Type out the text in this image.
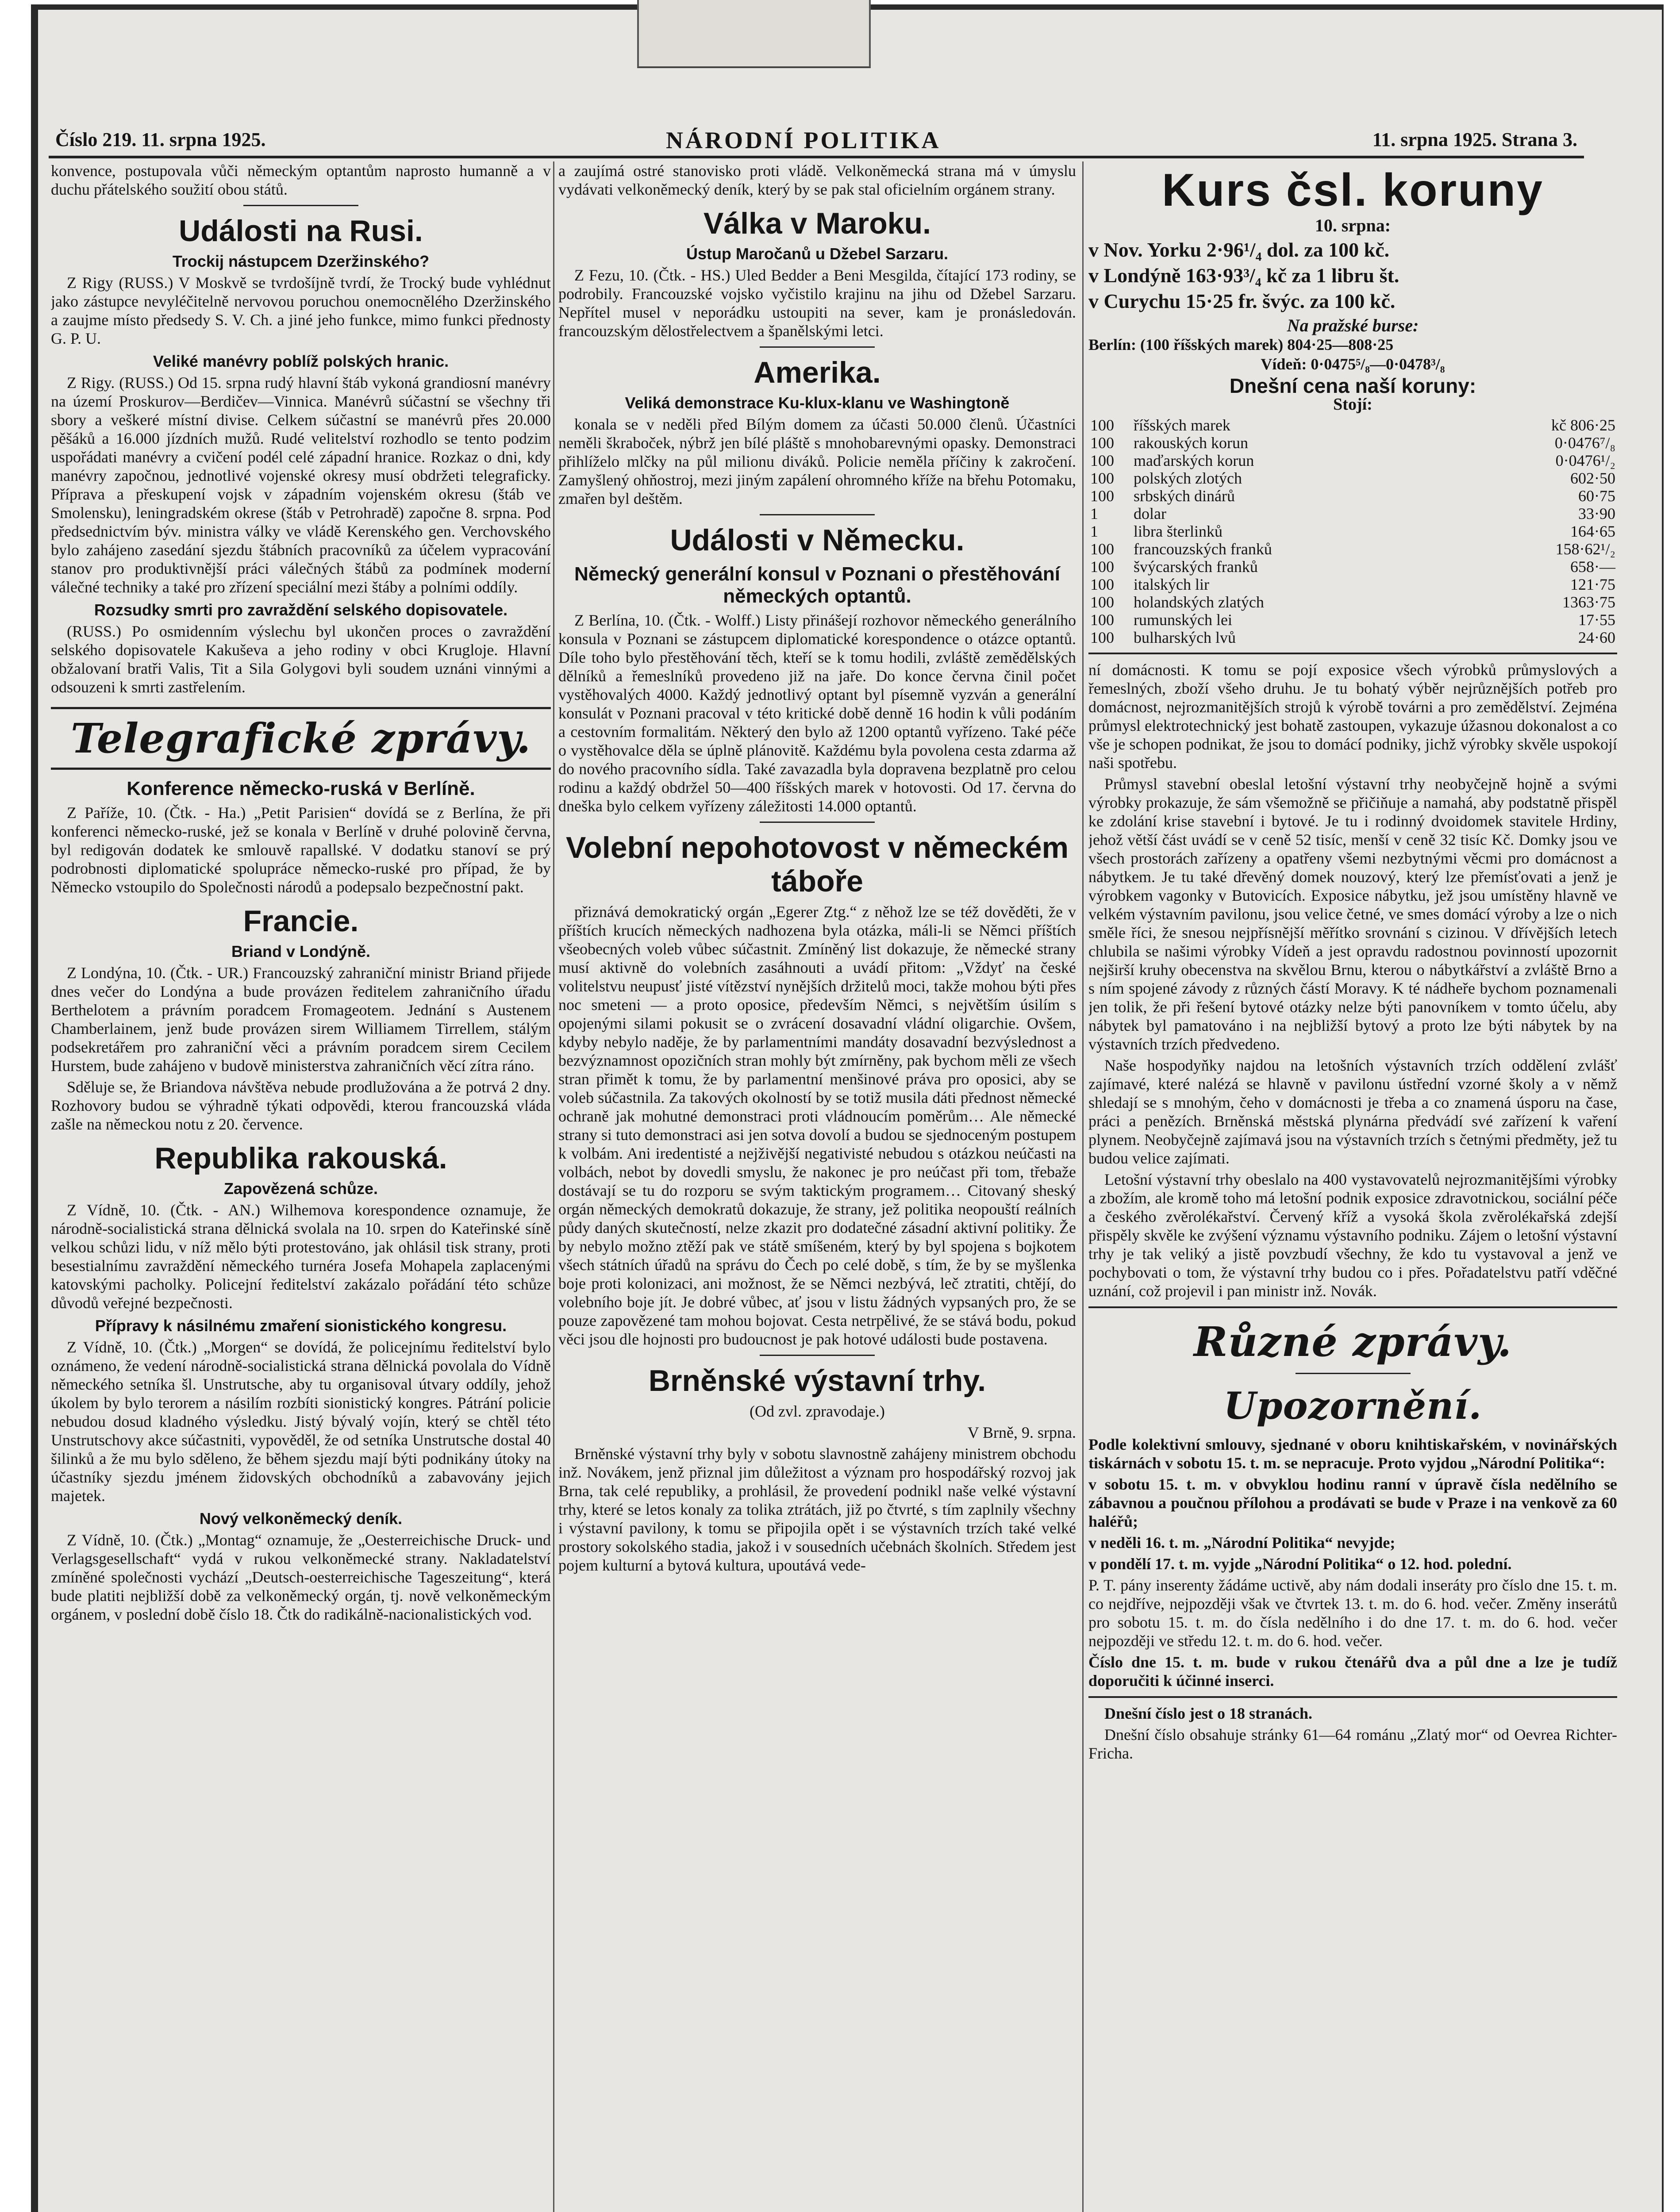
Číslo 219. 11. srpna 1925.	NÁRODNÍ POLITIKA	11. srpna 1925. Strana 3.

konvence, postupovala vůči německým optantům naprosto humanně a v duchu přátelského soužití obou států.

Události na Rusi.
Trockij nástupcem Dzeržinského?

Z Rigy (RUSS.) V Moskvě se tvrdošíjně tvrdí, že Trocký bude vyhlédnut jako zástupce nevyléčitelně nervovou poruchou onemocnělého Dzeržinského a zaujme místo předsedy S. V. Ch. a jiné jeho funkce, mimo funkci přednosty G. P. U.

Veliké manévry poblíž polských hranic.

Z Rigy. (RUSS.) Od 15. srpna rudý hlavní štáb vykoná grandiosní manévry na území Proskurov—Berdičev—Vinnica. Manévrů súčastní se všechny tři sbory a veškeré místní divise. Celkem súčastní se manévrů přes 20.000 pěšáků a 16.000 jízdních mužů. Rudé velitelství rozhodlo se tento podzim uspořádati manévry a cvičení podél celé západní hranice. Rozkaz o dni, kdy manévry započnou, jednotlivé vojenské okresy musí obdržeti telegraficky. Příprava a přeskupení vojsk v západním vojenském okresu (štáb ve Smolensku), leningradském okrese (štáb v Petrohradě) započne 8. srpna. Pod předsednictvím býv. ministra války ve vládě Kerenského gen. Verchovského bylo zahájeno zasedání sjezdu štábních pracovníků za účelem vypracování stanov pro produktivnější práci válečných štábů za podmínek moderní válečné techniky a také pro zřízení speciální mezi štáby a polními oddíly.

Rozsudky smrti pro zavraždění selského dopisovatele.

(RUSS.) Po osmidenním výslechu byl ukončen proces o zavraždění selského dopisovatele Kakuševa a jeho rodiny v obci Krugloje. Hlavní obžalovaní bratři Valis, Tit a Sila Golygovi byli soudem uznáni vinnými a odsouzeni k smrti zastřelením.

Telegrafické zprávy.
Konference německo-ruská v Berlíně.

Z Paříže, 10. (Čtk. - Ha.) „Petit Parisien“ dovídá se z Berlína, že při konferenci německo-ruské, jež se konala v Berlíně v druhé polovině června, byl redigován dodatek ke smlouvě rapallské. V dodatku stanoví se prý podrobnosti diplomatické spolupráce německo-ruské pro případ, že by Německo vstoupilo do Společnosti národů a podepsalo bezpečnostní pakt.

Francie.
Briand v Londýně.

Z Londýna, 10. (Čtk. - UR.) Francouzský zahraniční ministr Briand přijede dnes večer do Londýna a bude provázen ředitelem zahraničního úřadu Berthelotem a právním poradcem Fromageotem. Jednání s Austenem Chamberlainem, jenž bude provázen sirem Williamem Tirrellem, stálým podsekretářem pro zahraniční věci a právním poradcem sirem Cecilem Hurstem, bude zahájeno v budově ministerstva zahraničních věcí zítra ráno.

Sděluje se, že Briandova návštěva nebude prodlužována a že potrvá 2 dny. Rozhovory budou se výhradně týkati odpovědi, kterou francouzská vláda zašle na německou notu z 20. července.

Republika rakouská.
Zapovězená schůze.

Z Vídně, 10. (Čtk. - AN.) Wilhemova korespondence oznamuje, že národně-socialistická strana dělnická svolala na 10. srpen do Kateřinské síně velkou schůzi lidu, v níž mělo býti protestováno, jak ohlásil tisk strany, proti besestialnímu zavraždění německého turnéra Josefa Mohapela zaplacenými katovskými pacholky. Policejní ředitelství zakázalo pořádání této schůze důvodů veřejné bezpečnosti.

Přípravy k násilnému zmaření sionistického kongresu.

Z Vídně, 10. (Čtk.) „Morgen“ se dovídá, že policejnímu ředitelství bylo oznámeno, že vedení národně-socialistická strana dělnická povolala do Vídně německého setníka šl. Unstrutsche, aby tu organisoval útvary oddíly, jehož úkolem by bylo terorem a násilím rozbíti sionistický kongres. Pátrání policie nebudou dosud kladného výsledku. Jistý bývalý vojín, který se chtěl této Unstrutschovy akce súčastniti, vypověděl, že od setníka Unstrutsche dostal 40 šilinků a že mu bylo sděleno, že během sjezdu mají býti podnikány útoky na účastníky sjezdu jménem židovských obchodníků a zabavovány jejich majetek.

Nový velkoněmecký deník.

Z Vídně, 10. (Čtk.) „Montag“ oznamuje, že „Oesterreichische Druck- und Verlagsgesellschaft“ vydá v rukou velkoněmecké strany. Nakladatelství zmíněné společnosti vychází „Deutsch-oesterreichische Tageszeitung“, která bude platiti nejbližší době za velkoněmecký orgán, tj. nově velkoněmeckým orgánem, v poslední době číslo 18. Čtk do radikálně-nacionalistických vod.

a zaujímá ostré stanovisko proti vládě. Velkoněmecká strana má v úmyslu vydávati velkoněmecký deník, který by se pak stal oficielním orgánem strany.

Válka v Maroku.
Ústup Maročanů u Džebel Sarzaru.

Z Fezu, 10. (Čtk. - HS.) Uled Bedder a Beni Mesgilda, čítající 173 rodiny, se podrobily. Francouzské vojsko vyčistilo krajinu na jihu od Džebel Sarzaru. Nepřítel musel v neporádku ustoupiti na sever, kam je pronásledován. francouzským dělostřelectvem a španělskými letci.

Amerika.
Veliká demonstrace Ku-klux-klanu ve Washingtoně

konala se v neděli před Bílým domem za účasti 50.000 členů. Účastníci neměli škraboček, nýbrž jen bílé pláště s mnohobarevnými opasky. Demonstraci přihlíželo mlčky na půl milionu diváků. Policie neměla příčiny k zakročení. Zamyšlený ohňostroj, mezi jiným zapálení ohromného kříže na břehu Potomaku, zmařen byl deštěm.

Události v Německu.
Německý generální konsul v Poznani o přestěhování německých optantů.

Z Berlína, 10. (Čtk. - Wolff.) Listy přinášejí rozhovor německého generálního konsula v Poznani se zástupcem diplomatické korespondence o otázce optantů. Díle toho bylo přestěhování těch, kteří se k tomu hodili, zvláště zemědělských dělníků a řemeslníků provedeno již na jaře. Do konce června činil počet vystěhovalých 4000. Každý jednotlivý optant byl písemně vyzván a generální konsulát v Poznani pracoval v této kritické době denně 16 hodin k vůli podáním a cestovním formalitám. Některý den bylo až 1200 optantů vyřízeno. Také péče o vystěhovalce děla se úplně plánovitě. Každému byla povolena cesta zdarma až do nového pracovního sídla. Také zavazadla byla dopravena bezplatně pro celou rodinu a každý obdržel 50—400 říšských marek v hotovosti. Od 17. června do dneška bylo celkem vyřízeny záležitosti 14.000 optantů.

Volební nepohotovost v německém táboře

přiznává demokratický orgán „Egerer Ztg.“ z něhož lze se též dověděti, že v příštích krucích německých nadhozena byla otázka, máli-li se Němci příštích všeobecných voleb vůbec súčastnit. Zmíněný list dokazuje, že německé strany musí aktivně do volebních zasáhnouti a uvádí přitom: „Vždyť na české volitelstvu neupusť jisté vítězství nynějších držitelů moci, takže mohou býti přes noc smeteni — a proto oposice, především Němci, s největším úsilím s opojenými silami pokusit se o zvrácení dosavadní vládní oligarchie. Ovšem, kdyby nebylo naděje, že by parlamentními mandáty dosavadní bezvýslednost a bezvýznamnost opozičních stran mohly být zmírněny, pak bychom měli ze všech stran přimět k tomu, že by parlamentní menšinové práva pro oposici, aby se voleb súčastnila. Za takových okolností by se totiž musila dáti přednost německé ochraně jak mohutné demonstraci proti vládnoucím poměrům… Ale německé strany si tuto demonstraci asi jen sotva dovolí a budou se sjednoceným postupem k volbám. Ani iredentisté a nejživější negativisté nebudou s otázkou neúčasti na volbách, nebot by dovedli smyslu, že nakonec je pro neúčast při tom, třebaže dostávají se tu do rozporu se svým taktickým programem… Citovaný sheský orgán německých demokratů dokazuje, že strany, jež politika neopouští reálních půdy daných skutečností, nelze zkazit pro dodatečné zásadní aktivní politiky. Že by nebylo možno ztěží pak ve státě smíšeném, který by byl spojena s bojkotem všech státních úřadů na správu do Čech po celé době, s tím, že by se myšlenka boje proti kolonizaci, ani možnost, že se Němci nezbývá, leč ztratiti, chtějí, do volebního boje jít. Je dobré vůbec, ať jsou v listu žádných vypsaných pro, že se pouze zapovězené tam mohou bojovat. Cesta netrpělivé, že se stává bodu, pokud věci jsou dle hojnosti pro budoucnost je pak hotové události bude postavena.

Brněnské výstavní trhy.

(Od zvl. zpravodaje.)

V Brně, 9. srpna.

Brněnské výstavní trhy byly v sobotu slavnostně zahájeny ministrem obchodu inž. Novákem, jenž přiznal jim důležitost a význam pro hospodářský rozvoj jak Brna, tak celé republiky, a prohlásil, že provedení podnikl naše velké výstavní trhy, které se letos konaly za tolika ztrátách, již po čtvrté, s tím zaplnily všechny i výstavní pavilony, k tomu se připojila opět i se výstavních trzích také velké prostory sokolského stadia, jakož i v sousedních učebnách školních. Středem jest pojem kulturní a bytová kultura, upoutává vede-

Kurs čsl. koruny
10. srpna:
v Nov. Yorku 2·96¹/₄ dol. za 100 kč.
v Londýně 163·93³/₄ kč za 1 libru št.
v Curychu 15·25 fr. švýc. za 100 kč.
Na pražské burse:
Berlín: (100 říšských marek) 804·25—808·25
Vídeň: 0·0475⁵/₈—0·0478³/₈
Dnešní cena naší koruny:
Stojí:
100	říšských marek	kč 806·25
100	rakouských korun	0·0476⁷/₈
100	maďarských korun	0·0476¹/₂
100	polských zlotých	602·50
100	srbských dinárů	60·75
1	dolar	33·90
1	libra šterlinků	164·65
100	francouzských franků	158·62¹/₂
100	švýcarských franků	658·—
100	italských lir	121·75
100	holandských zlatých	1363·75
100	rumunských lei	17·55
100	bulharských lvů	24·60

ní domácnosti. K tomu se pojí exposice všech výrobků průmyslových a řemeslných, zboží všeho druhu. Je tu bohatý výběr nejrůznějších potřeb pro domácnost, nejrozmanitějších strojů k výrobě továrni a pro zemědělství. Zejména průmysl elektrotechnický jest bohatě zastoupen, vykazuje úžasnou dokonalost a co vše je schopen podnikat, že jsou to domácí podniky, jichž výrobky skvěle uspokojí naši spotřebu.

Průmysl stavební obeslal letošní výstavní trhy neobyčejně hojně a svými výrobky prokazuje, že sám všemožně se přičiňuje a namahá, aby podstatně přispěl ke zdolání krise stavební i bytové. Je tu i rodinný dvoidomek stavitele Hrdiny, jehož větší část uvádí se v ceně 52 tisíc, menší v ceně 32 tisíc Kč. Domky jsou ve všech prostorách zařízeny a opatřeny všemi nezbytnými věcmi pro domácnost a nábytkem. Je tu také dřevěný domek nouzový, který lze přemísťovati a jenž je výrobkem vagonky v Butovicích. Exposice nábytku, jež jsou umístěny hlavně ve velkém výstavním pavilonu, jsou velice četné, ve smes domácí výroby a lze o nich směle říci, že snesou nejpřísnější měřítko srovnání s cizinou. V dřívějších letech chlubila se našimi výrobky Vídeň a jest opravdu radostnou povinností upozornit nejširší kruhy obecenstva na skvělou Brnu, kterou o nábytkářství a zvláště Brno a s ním spojené závody z různých částí Moravy. K té nádheře bychom poznamenali jen tolik, že při řešení bytové otázky nelze býti panovníkem v tomto účelu, aby nábytek byl pamatováno i na nejbližší bytový a proto lze býti nábytek by na výstavních trzích předvedeno.

Naše hospodyňky najdou na letošních výstavních trzích oddělení zvlášť zajímavé, které nalézá se hlavně v pavilonu ústřední vzorné školy a v němž shledají se s mnohým, čeho v domácnosti je třeba a co znamená úsporu na čase, práci a penězích. Brněnská městská plynárna předvádí své zařízení k vaření plynem. Neobyčejně zajímavá jsou na výstavních trzích s četnými předměty, jež tu budou velice zajímati.

Letošní výstavní trhy obeslalo na 400 vystavovatelů nejrozmanitějšími výrobky a zbožím, ale kromě toho má letošní podnik exposice zdravotnickou, sociální péče a českého zvěrolékařství. Červený kříž a vysoká škola zvěrolékařská zdejší přispěly skvěle ke zvýšení významu výstavního podniku. Zájem o letošní výstavní trhy je tak veliký a jistě povzbudí všechny, že kdo tu vystavoval a jenž ve pochybovati o tom, že výstavní trhy budou co i přes. Pořadatelstvu patří vděčné uznání, což projevil i pan ministr inž. Novák.

Různé zprávy.
Upozornění.

Podle kolektivní smlouvy, sjednané v oboru knihtiskařském, v novinářských tiskárnách v sobotu 15. t. m. se nepracuje. Proto vyjdou „Národní Politika“:

v sobotu 15. t. m. v obvyklou hodinu ranní v úpravě čísla nedělního se zábavnou a poučnou přílohou a prodávati se bude v Praze i na venkově za 60 haléřů;

v neděli 16. t. m. „Národní Politika“ nevyjde;

v pondělí 17. t. m. vyjde „Národní Politika“ o 12. hod. polední.

P. T. pány inserenty žádáme uctivě, aby nám dodali inseráty pro číslo dne 15. t. m. co nejdříve, nejpozději však ve čtvrtek 13. t. m. do 6. hod. večer. Změny inserátů pro sobotu 15. t. m. do čísla nedělního i do dne 17. t. m. do 6. hod. večer nejpozději ve středu 12. t. m. do 6. hod. večer.

Číslo dne 15. t. m. bude v rukou čtenářů dva a půl dne a lze je tudíž doporučiti k účinné inserci.

Dnešní číslo jest o 18 stranách.

Dnešní číslo obsahuje stránky 61—64 románu „Zlatý mor“ od Oevrea Richter-Fricha.
